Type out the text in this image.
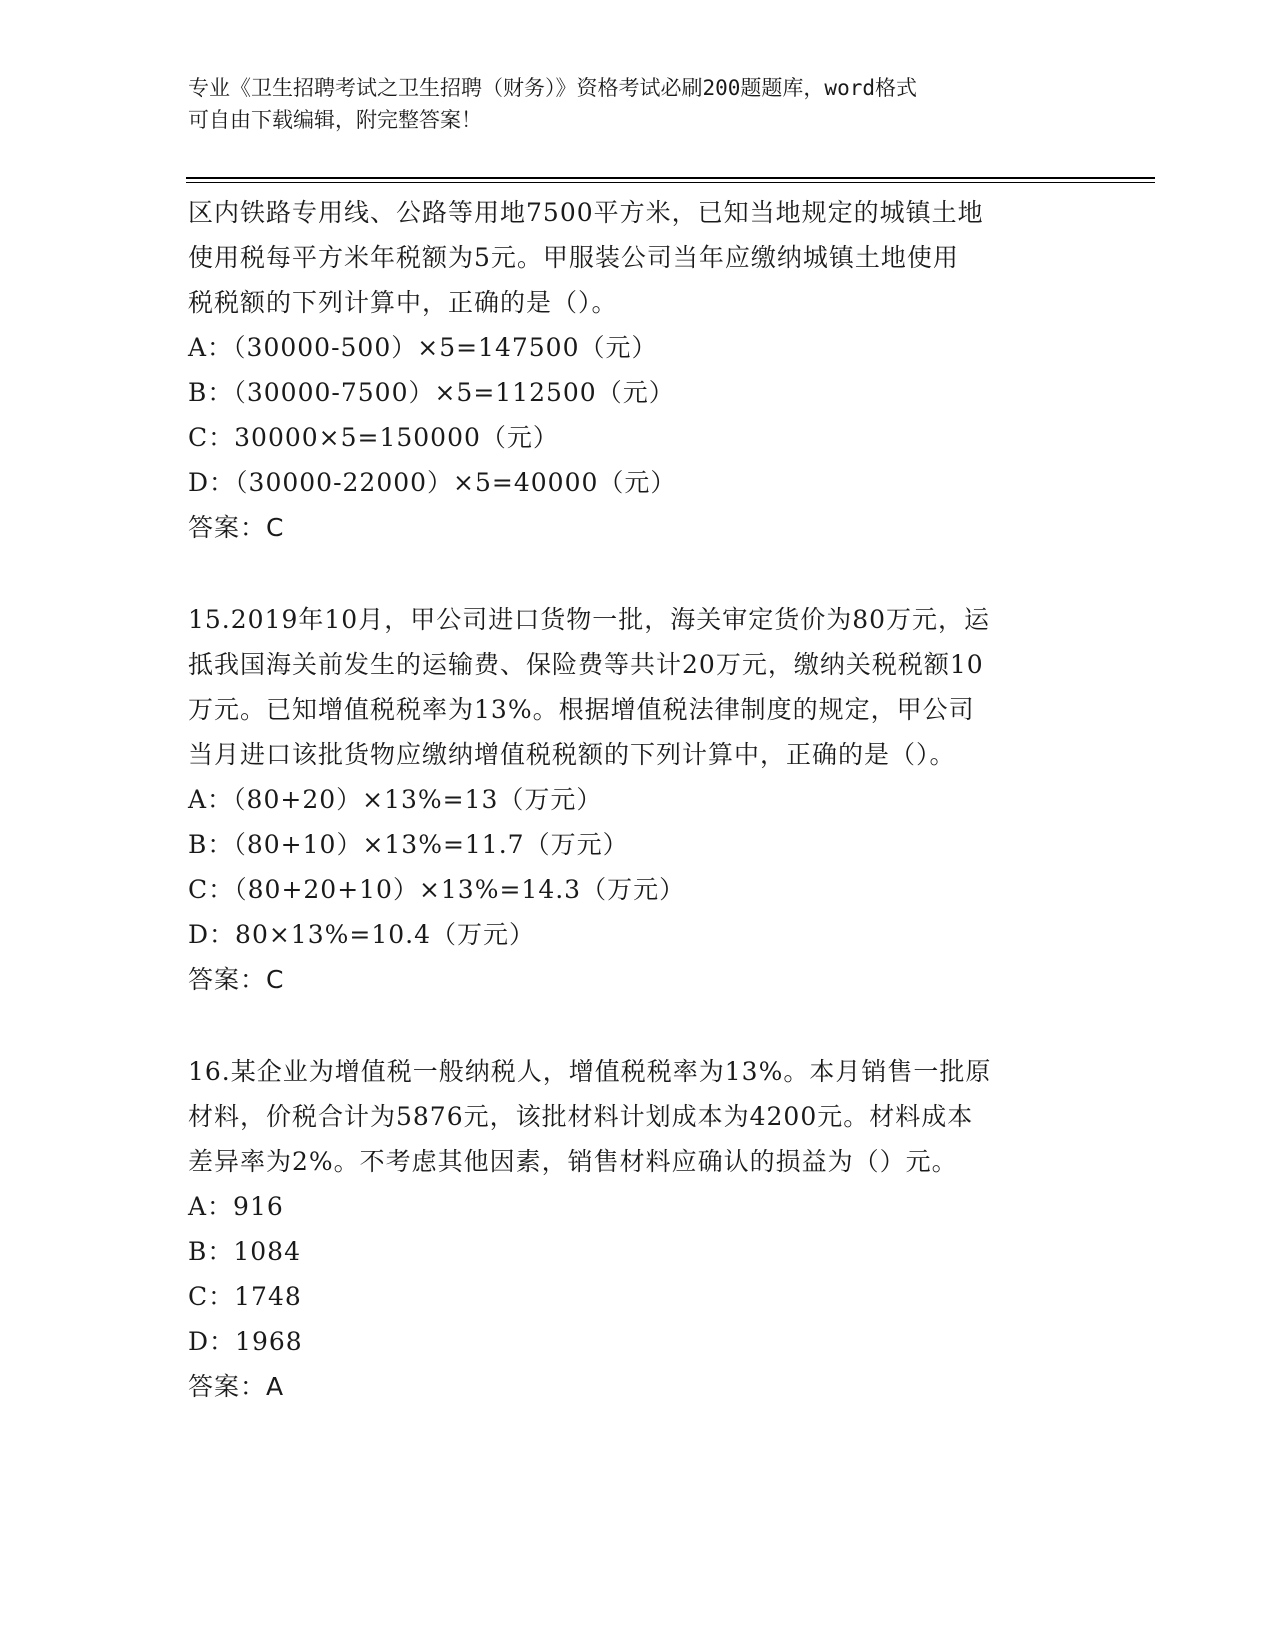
专业《卫生招聘考试之卫生招聘（财务）》资格考试必刷200题题库，word格式
可自由下载编辑，附完整答案！
区内铁路专用线、公路等用地7500平方米，已知当地规定的城镇土地
使用税每平方米年税额为5元。甲服装公司当年应缴纳城镇土地使用
税税额的下列计算中，正确的是（）。
A：（30000-500）×5=147500（元）
B：（30000-7500）×5=112500（元）
C：30000×5=150000（元）
D：（30000-22000）×5=40000（元）
答案：C
15.2019年10月，甲公司进口货物一批，海关审定货价为80万元，运
抵我国海关前发生的运输费、保险费等共计20万元，缴纳关税税额10
万元。已知增值税税率为13%。根据增值税法律制度的规定，甲公司
当月进口该批货物应缴纳增值税税额的下列计算中，正确的是（）。
A：（80+20）×13%=13（万元）
B：（80+10）×13%=11.7（万元）
C：（80+20+10）×13%=14.3（万元）
D：80×13%=10.4（万元）
答案：C
16.某企业为增值税一般纳税人，增值税税率为13%。本月销售一批原
材料，价税合计为5876元，该批材料计划成本为4200元。材料成本
差异率为2%。不考虑其他因素，销售材料应确认的损益为（）元。
A：916
B：1084
C：1748
D：1968
答案：A
